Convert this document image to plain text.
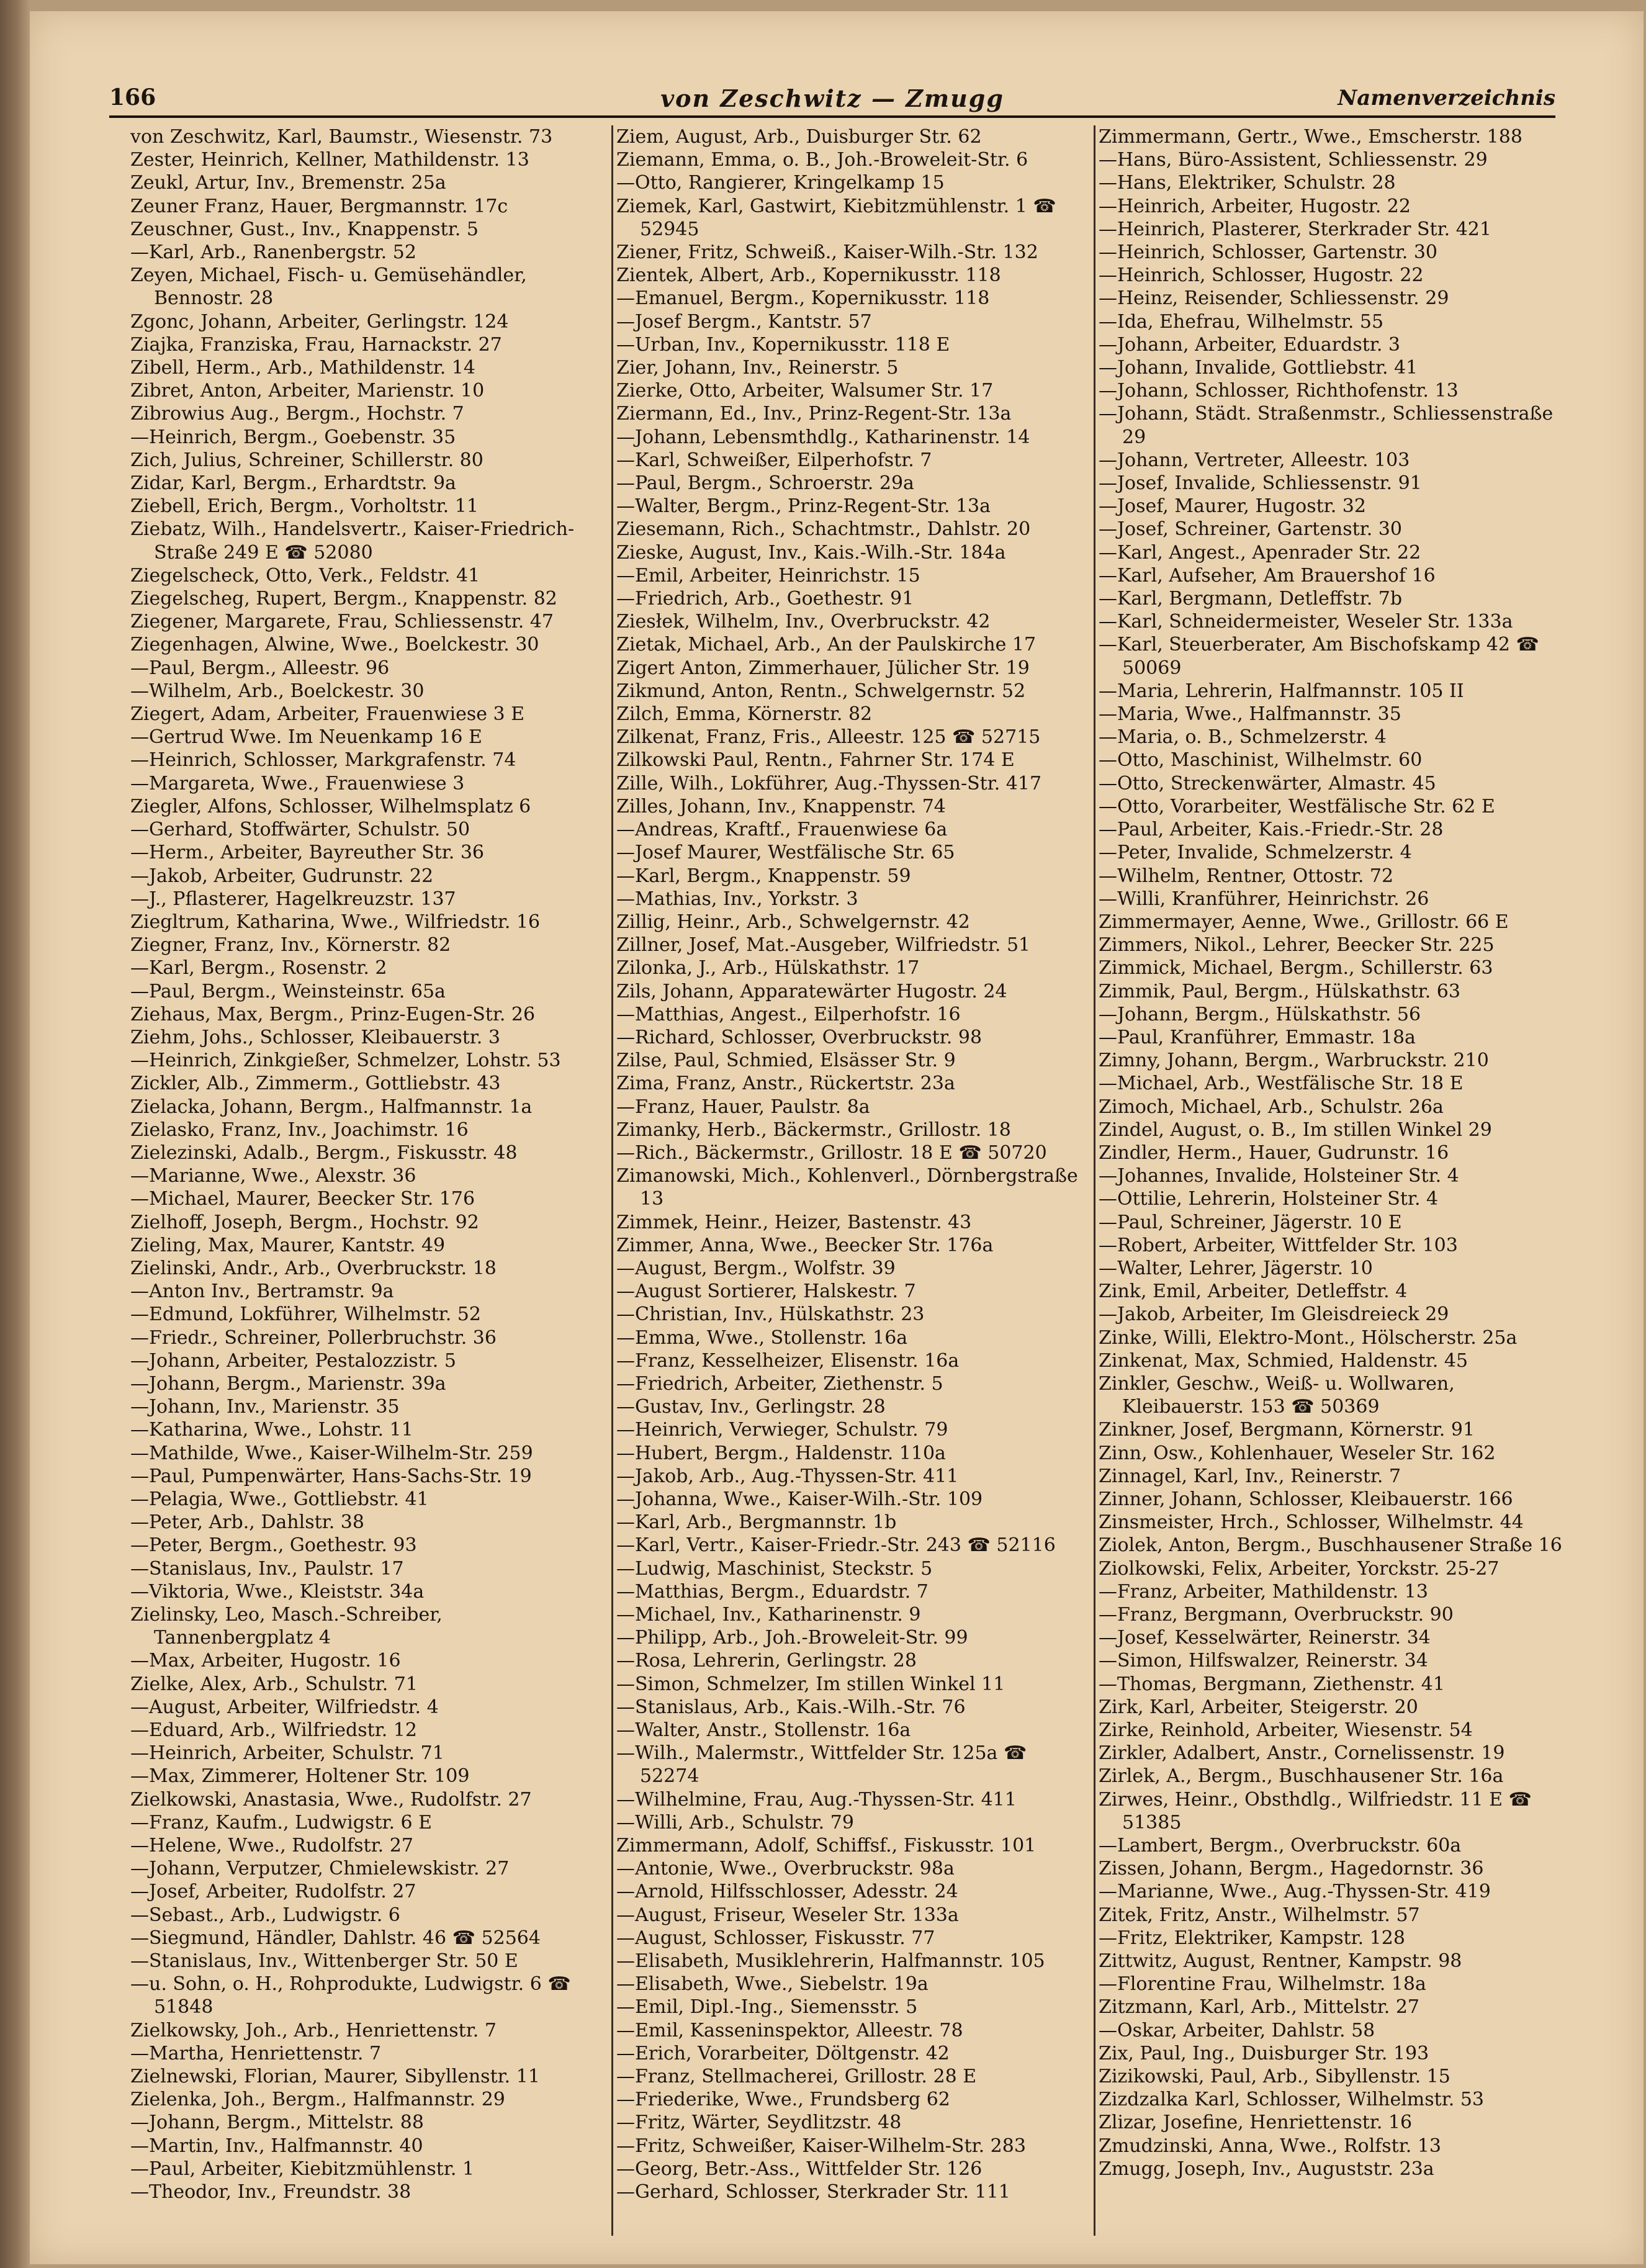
166	von Zeschwitz — Zmugg	Namenverzeichnis
von Zeschwitz, Karl, Baumstr., Wiesenstr. 73
Zester, Heinrich, Kellner, Mathildenstr. 13
Zeukl, Artur, Inv., Bremenstr. 25a
Zeuner Franz, Hauer, Bergmannstr. 17c
Zeuschner, Gust., Inv., Knappenstr. 5
—Karl, Arb., Ranenbergstr. 52
Zeyen, Michael, Fisch- u. Gemüsehändler, Bennostr. 28
Zgonc, Johann, Arbeiter, Gerlingstr. 124
Ziajka, Franziska, Frau, Harnackstr. 27
Zibell, Herm., Arb., Mathildenstr. 14
Zibret, Anton, Arbeiter, Marienstr. 10
Zibrowius Aug., Bergm., Hochstr. 7
—Heinrich, Bergm., Goebenstr. 35
Zich, Julius, Schreiner, Schillerstr. 80
Zidar, Karl, Bergm., Erhardtstr. 9a
Ziebell, Erich, Bergm., Vorholtstr. 11
Ziebatz, Wilh., Handelsvertr., Kaiser-Friedrich-Straße 249 E ☎ 52080
Ziegelscheck, Otto, Verk., Feldstr. 41
Ziegelscheg, Rupert, Bergm., Knappenstr. 82
Ziegener, Margarete, Frau, Schliessenstr. 47
Ziegenhagen, Alwine, Wwe., Boelckestr. 30
—Paul, Bergm., Alleestr. 96
—Wilhelm, Arb., Boelckestr. 30
Ziegert, Adam, Arbeiter, Frauenwiese 3 E
—Gertrud Wwe. Im Neuenkamp 16 E
—Heinrich, Schlosser, Markgrafenstr. 74
—Margareta, Wwe., Frauenwiese 3
Ziegler, Alfons, Schlosser, Wilhelmsplatz 6
—Gerhard, Stoffwärter, Schulstr. 50
—Herm., Arbeiter, Bayreuther Str. 36
—Jakob, Arbeiter, Gudrunstr. 22
—J., Pflasterer, Hagelkreuzstr. 137
Ziegltrum, Katharina, Wwe., Wilfriedstr. 16
Ziegner, Franz, Inv., Körnerstr. 82
—Karl, Bergm., Rosenstr. 2
—Paul, Bergm., Weinsteinstr. 65a
Ziehaus, Max, Bergm., Prinz-Eugen-Str. 26
Ziehm, Johs., Schlosser, Kleibauerstr. 3
—Heinrich, Zinkgießer, Schmelzer, Lohstr. 53
Zickler, Alb., Zimmerm., Gottliebstr. 43
Zielacka, Johann, Bergm., Halfmannstr. 1a
Zielasko, Franz, Inv., Joachimstr. 16
Zielezinski, Adalb., Bergm., Fiskusstr. 48
—Marianne, Wwe., Alexstr. 36
—Michael, Maurer, Beecker Str. 176
Zielhoff, Joseph, Bergm., Hochstr. 92
Zieling, Max, Maurer, Kantstr. 49
Zielinski, Andr., Arb., Overbruckstr. 18
—Anton Inv., Bertramstr. 9a
—Edmund, Lokführer, Wilhelmstr. 52
—Friedr., Schreiner, Pollerbruchstr. 36
—Johann, Arbeiter, Pestalozzistr. 5
—Johann, Bergm., Marienstr. 39a
—Johann, Inv., Marienstr. 35
—Katharina, Wwe., Lohstr. 11
—Mathilde, Wwe., Kaiser-Wilhelm-Str. 259
—Paul, Pumpenwärter, Hans-Sachs-Str. 19
—Pelagia, Wwe., Gottliebstr. 41
—Peter, Arb., Dahlstr. 38
—Peter, Bergm., Goethestr. 93
—Stanislaus, Inv., Paulstr. 17
—Viktoria, Wwe., Kleiststr. 34a
Zielinsky, Leo, Masch.-Schreiber, Tannenbergplatz 4
—Max, Arbeiter, Hugostr. 16
Zielke, Alex, Arb., Schulstr. 71
—August, Arbeiter, Wilfriedstr. 4
—Eduard, Arb., Wilfriedstr. 12
—Heinrich, Arbeiter, Schulstr. 71
—Max, Zimmerer, Holtener Str. 109
Zielkowski, Anastasia, Wwe., Rudolfstr. 27
—Franz, Kaufm., Ludwigstr. 6 E
—Helene, Wwe., Rudolfstr. 27
—Johann, Verputzer, Chmielewskistr. 27
—Josef, Arbeiter, Rudolfstr. 27
—Sebast., Arb., Ludwigstr. 6
—Siegmund, Händler, Dahlstr. 46 ☎ 52564
—Stanislaus, Inv., Wittenberger Str. 50 E
—u. Sohn, o. H., Rohprodukte, Ludwigstr. 6 ☎ 51848
Zielkowsky, Joh., Arb., Henriettenstr. 7
—Martha, Henriettenstr. 7
Zielnewski, Florian, Maurer, Sibyllenstr. 11
Zielenka, Joh., Bergm., Halfmannstr. 29
—Johann, Bergm., Mittelstr. 88
—Martin, Inv., Halfmannstr. 40
—Paul, Arbeiter, Kiebitzmühlenstr. 1
—Theodor, Inv., Freundstr. 38
Ziem, August, Arb., Duisburger Str. 62
Ziemann, Emma, o. B., Joh.-Broweleit-Str. 6
—Otto, Rangierer, Kringelkamp 15
Ziemek, Karl, Gastwirt, Kiebitzmühlenstr. 1 ☎ 52945
Ziener, Fritz, Schweiß., Kaiser-Wilh.-Str. 132
Zientek, Albert, Arb., Kopernikusstr. 118
—Emanuel, Bergm., Kopernikusstr. 118
—Josef Bergm., Kantstr. 57
—Urban, Inv., Kopernikusstr. 118 E
Zier, Johann, Inv., Reinerstr. 5
Zierke, Otto, Arbeiter, Walsumer Str. 17
Ziermann, Ed., Inv., Prinz-Regent-Str. 13a
—Johann, Lebensmthdlg., Katharinenstr. 14
—Karl, Schweißer, Eilperhofstr. 7
—Paul, Bergm., Schroerstr. 29a
—Walter, Bergm., Prinz-Regent-Str. 13a
Ziesemann, Rich., Schachtmstr., Dahlstr. 20
Zieske, August, Inv., Kais.-Wilh.-Str. 184a
—Emil, Arbeiter, Heinrichstr. 15
—Friedrich, Arb., Goethestr. 91
Ziesłek, Wilhelm, Inv., Overbruckstr. 42
Zietak, Michael, Arb., An der Paulskirche 17
Zigert Anton, Zimmerhauer, Jülicher Str. 19
Zikmund, Anton, Rentn., Schwelgernstr. 52
Zilch, Emma, Körnerstr. 82
Zilkenat, Franz, Fris., Alleestr. 125 ☎ 52715
Zilkowski Paul, Rentn., Fahrner Str. 174 E
Zille, Wilh., Lokführer, Aug.-Thyssen-Str. 417
Zilles, Johann, Inv., Knappenstr. 74
—Andreas, Kraftf., Frauenwiese 6a
—Josef Maurer, Westfälische Str. 65
—Karl, Bergm., Knappenstr. 59
—Mathias, Inv., Yorkstr. 3
Zillig, Heinr., Arb., Schwelgernstr. 42
Zillner, Josef, Mat.-Ausgeber, Wilfriedstr. 51
Zilonka, J., Arb., Hülskathstr. 17
Zils, Johann, Apparatewärter Hugostr. 24
—Matthias, Angest., Eilperhofstr. 16
—Richard, Schlosser, Overbruckstr. 98
Zilse, Paul, Schmied, Elsässer Str. 9
Zima, Franz, Anstr., Rückertstr. 23a
—Franz, Hauer, Paulstr. 8a
Zimanky, Herb., Bäckermstr., Grillostr. 18
—Rich., Bäckermstr., Grillostr. 18 E ☎ 50720
Zimanowski, Mich., Kohlenverl., Dörnbergstraße 13
Zimmek, Heinr., Heizer, Bastenstr. 43
Zimmer, Anna, Wwe., Beecker Str. 176a
—August, Bergm., Wolfstr. 39
—August Sortierer, Halskestr. 7
—Christian, Inv., Hülskathstr. 23
—Emma, Wwe., Stollenstr. 16a
—Franz, Kesselheizer, Elisenstr. 16a
—Friedrich, Arbeiter, Ziethenstr. 5
—Gustav, Inv., Gerlingstr. 28
—Heinrich, Verwieger, Schulstr. 79
—Hubert, Bergm., Haldenstr. 110a
—Jakob, Arb., Aug.-Thyssen-Str. 411
—Johanna, Wwe., Kaiser-Wilh.-Str. 109
—Karl, Arb., Bergmannstr. 1b
—Karl, Vertr., Kaiser-Friedr.-Str. 243 ☎ 52116
—Ludwig, Maschinist, Steckstr. 5
—Matthias, Bergm., Eduardstr. 7
—Michael, Inv., Katharinenstr. 9
—Philipp, Arb., Joh.-Broweleit-Str. 99
—Rosa, Lehrerin, Gerlingstr. 28
—Simon, Schmelzer, Im stillen Winkel 11
—Stanislaus, Arb., Kais.-Wilh.-Str. 76
—Walter, Anstr., Stollenstr. 16a
—Wilh., Malermstr., Wittfelder Str. 125a ☎ 52274
—Wilhelmine, Frau, Aug.-Thyssen-Str. 411
—Willi, Arb., Schulstr. 79
Zimmermann, Adolf, Schiffsf., Fiskusstr. 101
—Antonie, Wwe., Overbruckstr. 98a
—Arnold, Hilfsschlosser, Adesstr. 24
—August, Friseur, Weseler Str. 133a
—August, Schlosser, Fiskusstr. 77
—Elisabeth, Musiklehrerin, Halfmannstr. 105
—Elisabeth, Wwe., Siebelstr. 19a
—Emil, Dipl.-Ing., Siemensstr. 5
—Emil, Kasseninspektor, Alleestr. 78
—Erich, Vorarbeiter, Döltgenstr. 42
—Franz, Stellmacherei, Grillostr. 28 E
—Friederike, Wwe., Frundsberg 62
—Fritz, Wärter, Seydlitzstr. 48
—Fritz, Schweißer, Kaiser-Wilhelm-Str. 283
—Georg, Betr.-Ass., Wittfelder Str. 126
—Gerhard, Schlosser, Sterkrader Str. 111
Zimmermann, Gertr., Wwe., Emscherstr. 188
—Hans, Büro-Assistent, Schliessenstr. 29
—Hans, Elektriker, Schulstr. 28
—Heinrich, Arbeiter, Hugostr. 22
—Heinrich, Plasterer, Sterkrader Str. 421
—Heinrich, Schlosser, Gartenstr. 30
—Heinrich, Schlosser, Hugostr. 22
—Heinz, Reisender, Schliessenstr. 29
—Ida, Ehefrau, Wilhelmstr. 55
—Johann, Arbeiter, Eduardstr. 3
—Johann, Invalide, Gottliebstr. 41
—Johann, Schlosser, Richthofenstr. 13
—Johann, Städt. Straßenmstr., Schliessenstraße 29
—Johann, Vertreter, Alleestr. 103
—Josef, Invalide, Schliessenstr. 91
—Josef, Maurer, Hugostr. 32
—Josef, Schreiner, Gartenstr. 30
—Karl, Angest., Apenrader Str. 22
—Karl, Aufseher, Am Brauershof 16
—Karl, Bergmann, Detleffstr. 7b
—Karl, Schneidermeister, Weseler Str. 133a
—Karl, Steuerberater, Am Bischofskamp 42 ☎ 50069
—Maria, Lehrerin, Halfmannstr. 105 II
—Maria, Wwe., Halfmannstr. 35
—Maria, o. B., Schmelzerstr. 4
—Otto, Maschinist, Wilhelmstr. 60
—Otto, Streckenwärter, Almastr. 45
—Otto, Vorarbeiter, Westfälische Str. 62 E
—Paul, Arbeiter, Kais.-Friedr.-Str. 28
—Peter, Invalide, Schmelzerstr. 4
—Wilhelm, Rentner, Ottostr. 72
—Willi, Kranführer, Heinrichstr. 26
Zimmermayer, Aenne, Wwe., Grillostr. 66 E
Zimmers, Nikol., Lehrer, Beecker Str. 225
Zimmick, Michael, Bergm., Schillerstr. 63
Zimmik, Paul, Bergm., Hülskathstr. 63
—Johann, Bergm., Hülskathstr. 56
—Paul, Kranführer, Emmastr. 18a
Zimny, Johann, Bergm., Warbruckstr. 210
—Michael, Arb., Westfälische Str. 18 E
Zimoch, Michael, Arb., Schulstr. 26a
Zindel, August, o. B., Im stillen Winkel 29
Zindler, Herm., Hauer, Gudrunstr. 16
—Johannes, Invalide, Holsteiner Str. 4
—Ottilie, Lehrerin, Holsteiner Str. 4
—Paul, Schreiner, Jägerstr. 10 E
—Robert, Arbeiter, Wittfelder Str. 103
—Walter, Lehrer, Jägerstr. 10
Zink, Emil, Arbeiter, Detleffstr. 4
—Jakob, Arbeiter, Im Gleisdreieck 29
Zinke, Willi, Elektro-Mont., Hölscherstr. 25a
Zinkenat, Max, Schmied, Haldenstr. 45
Zinkler, Geschw., Weiß- u. Wollwaren, Kleibauerstr. 153 ☎ 50369
Zinkner, Josef, Bergmann, Körnerstr. 91
Zinn, Osw., Kohlenhauer, Weseler Str. 162
Zinnagel, Karl, Inv., Reinerstr. 7
Zinner, Johann, Schlosser, Kleibauerstr. 166
Zinsmeister, Hrch., Schlosser, Wilhelmstr. 44
Ziolek, Anton, Bergm., Buschhausener Straße 16
Ziolkowski, Felix, Arbeiter, Yorckstr. 25-27
—Franz, Arbeiter, Mathildenstr. 13
—Franz, Bergmann, Overbruckstr. 90
—Josef, Kesselwärter, Reinerstr. 34
—Simon, Hilfswalzer, Reinerstr. 34
—Thomas, Bergmann, Ziethenstr. 41
Zirk, Karl, Arbeiter, Steigerstr. 20
Zirke, Reinhold, Arbeiter, Wiesenstr. 54
Zirkler, Adalbert, Anstr., Cornelissenstr. 19
Zirlek, A., Bergm., Buschhausener Str. 16a
Zirwes, Heinr., Obsthdlg., Wilfriedstr. 11 E ☎ 51385
—Lambert, Bergm., Overbruckstr. 60a
Zissen, Johann, Bergm., Hagedornstr. 36
—Marianne, Wwe., Aug.-Thyssen-Str. 419
Zitek, Fritz, Anstr., Wilhelmstr. 57
—Fritz, Elektriker, Kampstr. 128
Zittwitz, August, Rentner, Kampstr. 98
—Florentine Frau, Wilhelmstr. 18a
Zitzmann, Karl, Arb., Mittelstr. 27
—Oskar, Arbeiter, Dahlstr. 58
Zix, Paul, Ing., Duisburger Str. 193
Zizikowski, Paul, Arb., Sibyllenstr. 15
Zizdzalka Karl, Schlosser, Wilhelmstr. 53
Zlizar, Josefine, Henriettenstr. 16
Zmudzinski, Anna, Wwe., Rolfstr. 13
Zmugg, Joseph, Inv., Auguststr. 23a
